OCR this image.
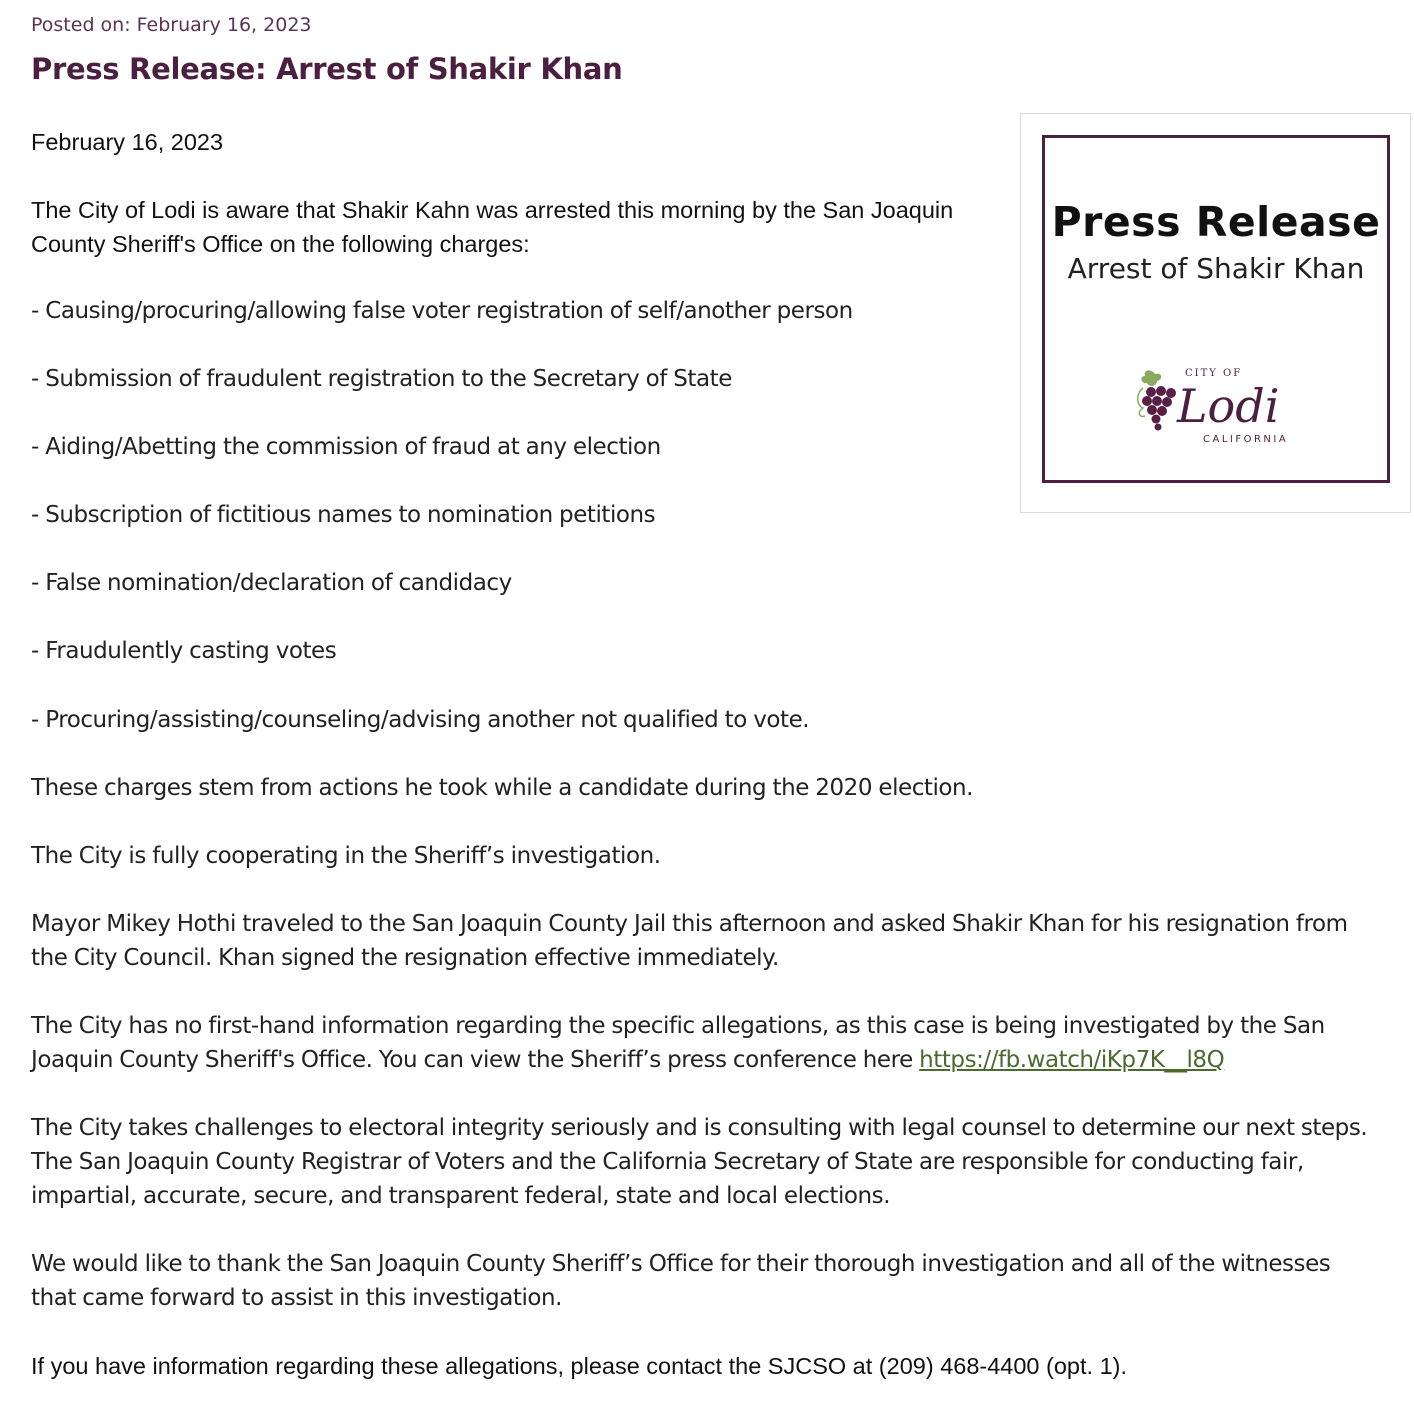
Posted on: February 16, 2023
Press Release: Arrest of Shakir Khan
Press Release
Arrest of Shakir Khan
CITY OF
Lodi
CALIFORNIA

February 16, 2023

The City of Lodi is aware that Shakir Kahn was arrested this morning by the San Joaquin

County Sheriff's Office on the following charges:

- Causing/procuring/allowing false voter registration of self/another person

- Submission of fraudulent registration to the Secretary of State

- Aiding/Abetting the commission of fraud at any election

- Subscription of fictitious names to nomination petitions

- False nomination/declaration of candidacy

- Fraudulently casting votes

- Procuring/assisting/counseling/advising another not qualified to vote.

These charges stem from actions he took while a candidate during the 2020 election.

The City is fully cooperating in the Sheriff’s investigation.

Mayor Mikey Hothi traveled to the San Joaquin County Jail this afternoon and asked Shakir Khan for his resignation from

the City Council. Khan signed the resignation effective immediately.

The City has no first-hand information regarding the specific allegations, as this case is being investigated by the San

Joaquin County Sheriff's Office. You can view the Sheriff’s press conference here https://fb.watch/iKp7K__l8Q

The City takes challenges to electoral integrity seriously and is consulting with legal counsel to determine our next steps.

The San Joaquin County Registrar of Voters and the California Secretary of State are responsible for conducting fair,

impartial, accurate, secure, and transparent federal, state and local elections.

We would like to thank the San Joaquin County Sheriff’s Office for their thorough investigation and all of the witnesses

that came forward to assist in this investigation.

If you have information regarding these allegations, please contact the SJCSO at (209) 468-4400 (opt. 1).
